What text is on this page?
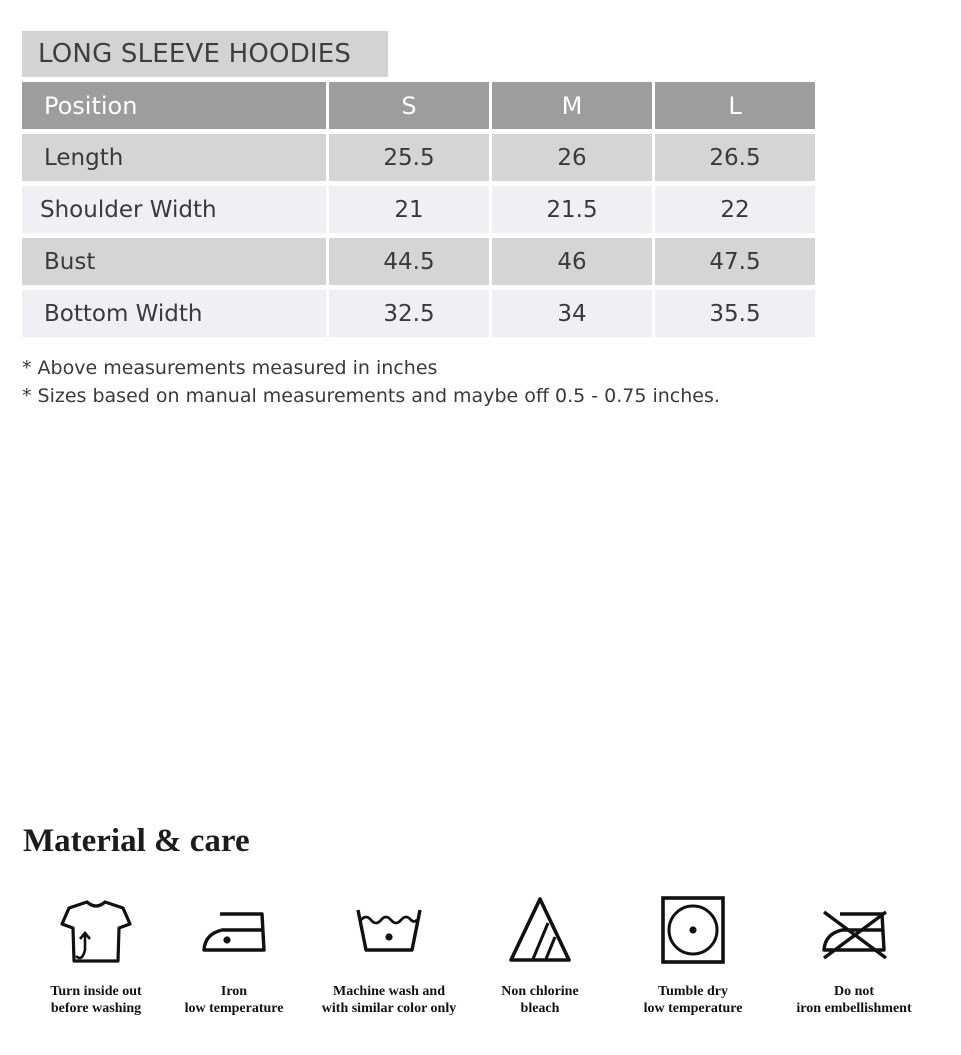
LONG SLEEVE HOODIES
Position	S	M	L
Length	25.5	26	26.5
Shoulder Width	21	21.5	22
Bust	44.5	46	47.5
Bottom Width	32.5	34	35.5
* Above measurements measured in inches
* Sizes based on manual measurements and maybe off 0.5 - 0.75 inches.
Material & care
Turn inside out
before washing
Iron
low temperature
Machine wash and
with similar color only
Non chlorine
bleach
Tumble dry
low temperature
Do not
iron embellishment
